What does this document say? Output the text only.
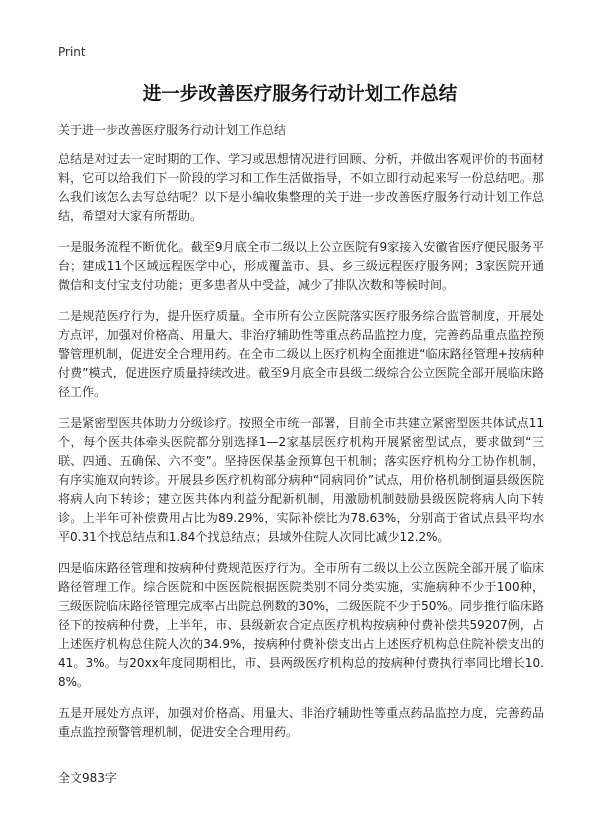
Print
进一步改善医疗服务行动计划工作总结
关于进一步改善医疗服务行动计划工作总结

总结是对过去一定时期的工作、学习或思想情况进行回顾、分析，并做出客观评价的书面材料，它可以给我们下一阶段的学习和工作生活做指导，不如立即行动起来写一份总结吧。那么我们该怎么去写总结呢？以下是小编收集整理的关于进一步改善医疗服务行动计划工作总结，希望对大家有所帮助。

一是服务流程不断优化。截至9月底全市二级以上公立医院有9家接入安徽省医疗便民服务平台；建成11个区域远程医学中心，形成覆盖市、县、乡三级远程医疗服务网；3家医院开通微信和支付宝支付功能；更多患者从中受益，减少了排队次数和等候时间。

二是规范医疗行为，提升医疗质量。全市所有公立医院落实医疗服务综合监管制度，开展处方点评，加强对价格高、用量大、非治疗辅助性等重点药品监控力度，完善药品重点监控预警管理机制，促进安全合理用药。在全市二级以上医疗机构全面推进“临床路径管理+按病种付费”模式，促进医疗质量持续改进。截至9月底全市县级二级综合公立医院全部开展临床路径工作。

三是紧密型医共体助力分级诊疗。按照全市统一部署，目前全市共建立紧密型医共体试点11个，每个医共体牵头医院都分别选择1—2家基层医疗机构开展紧密型试点，要求做到“三联、四通、五确保、六不变”。坚持医保基金预算包干机制；落实医疗机构分工协作机制，有序实施双向转诊。开展县乡医疗机构部分病种“同病同价”试点，用价格机制倒逼县级医院将病人向下转诊；建立医共体内利益分配新机制，用激励机制鼓励县级医院将病人向下转诊。上半年可补偿费用占比为89.29%，实际补偿比为78.63%，分别高于省试点县平均水平0.31个找总结点和1.84个找总结点；县域外住院人次同比减少12.2%。

四是临床路径管理和按病种付费规范医疗行为。全市所有二级以上公立医院全部开展了临床路径管理工作。综合医院和中医医院根据医院类别不同分类实施，实施病种不少于100种，三级医院临床路径管理完成率占出院总例数的30%，二级医院不少于50%。同步推行临床路径下的按病种付费，上半年，市、县级新农合定点医疗机构按病种付费补偿共59207例，占上述医疗机构总住院人次的34.9%，按病种付费补偿支出占上述医疗机构总住院补偿支出的41。3%。与20xx年度同期相比，市、县两级医疗机构总的按病种付费执行率同比增长10.8%。

五是开展处方点评，加强对价格高、用量大、非治疗辅助性等重点药品监控力度，完善药品重点监控预警管理机制，促进安全合理用药。

全文983字
